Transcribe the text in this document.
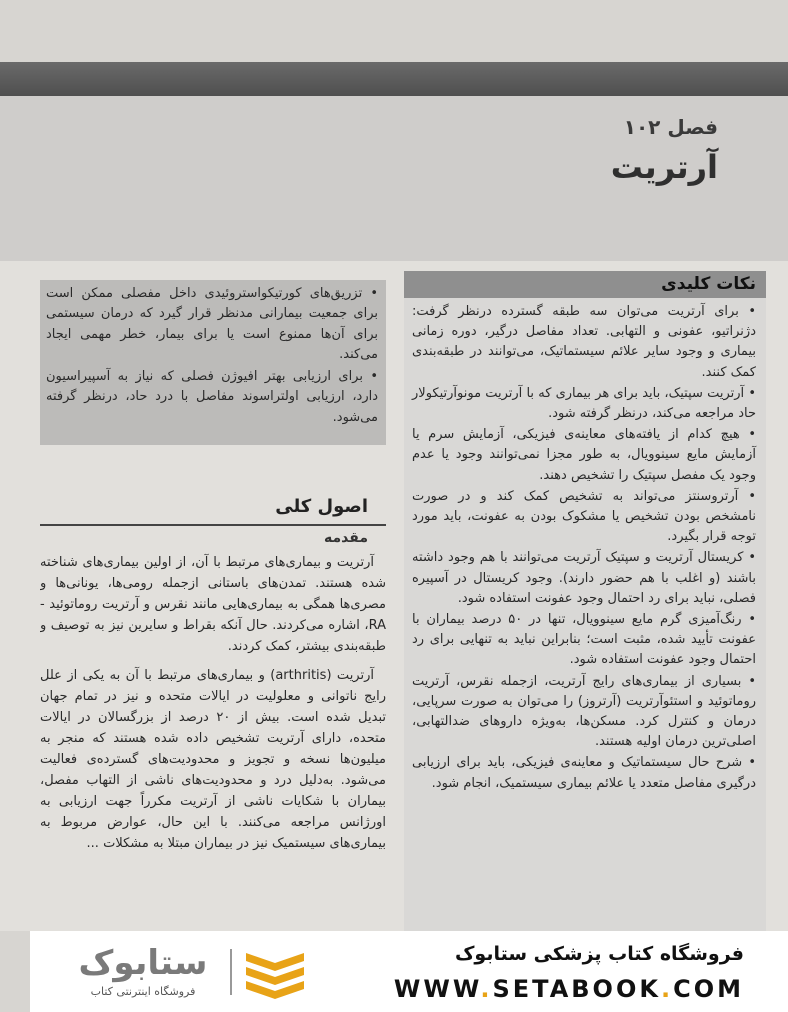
فصل ۱۰۲
آرتریت
نکات کلیدی

• برای آرتریت می‌توان سه طبقه گسترده درنظر گرفت: دژنراتیو، عفونی و التهابی. تعداد مفاصل درگیر، دوره زمانی بیماری و وجود سایر علائم سیستماتیک، می‌توانند در طبقه‌بندی کمک کنند.

• آرتریت سپتیک، باید برای هر بیماری که با آرتریت مونوآرتیکولار حاد مراجعه می‌کند، درنظر گرفته شود.

• هیچ کدام از یافته‌های معاینه‌ی فیزیکی، آزمایش سرم یا آزمایش مایع سینوویال، به طور مجزا نمی‌توانند وجود یا عدم وجود یک مفصل سپتیک را تشخیص دهند.

• آرتروسنتز می‌تواند به تشخیص کمک کند و در صورت نامشخص بودن تشخیص یا مشکوک بودن به عفونت، باید مورد توجه قرار بگیرد.

• کریستال آرتریت و سپتیک آرتریت می‌توانند با هم وجود داشته باشند (و اغلب با هم حضور دارند). وجود کریستال در آسپیره فصلی، نباید برای رد احتمال وجود عفونت استفاده شود.

• رنگ‌آمیزی گرم مایع سینوویال، تنها در ۵۰ درصد بیماران با عفونت تأیید شده، مثبت است؛ بنابراین نباید به تنهایی برای رد احتمال وجود عفونت استفاده شود.

• بسیاری از بیماری‌های رایج آرتریت، ازجمله نقرس، آرتریت روماتوئید و استئوآرتریت (آرتروز) را می‌توان به صورت سرپایی، درمان و کنترل کرد. مسکن‌ها، به‌ویژه داروهای ضدالتهابی، اصلی‌ترین درمان اولیه هستند.

• شرح حال سیستماتیک و معاینه‌ی فیزیکی، باید برای ارزیابی درگیری مفاصل متعدد یا علائم بیماری سیستمیک، انجام شود.

• تزریق‌های کورتیکواستروئیدی داخل مفصلی ممکن است برای جمعیت بیمارانی مدنظر قرار گیرد که درمان سیستمی برای آن‌ها ممنوع است یا برای بیمار، خطر مهمی ایجاد می‌کند.

• برای ارزیابی بهتر افیوژن فصلی که نیاز به آسپیراسیون دارد، ارزیابی اولتراسوند مفاصل با درد حاد، درنظر گرفته می‌شود.

اصول کلی
مقدمه

آرتریت و بیماری‌های مرتبط با آن، از اولین بیماری‌های شناخته شده هستند. تمدن‌های باستانی ازجمله رومی‌ها، یونانی‌ها و مصری‌ها همگی به بیماری‌هایی مانند نقرس و آرتریت روماتوئید - RA، اشاره می‌کردند. حال آنکه بقراط و سایرین نیز به توصیف و طبقه‌بندی بیشتر، کمک کردند.

آرتریت (arthritis) و بیماری‌های مرتبط با آن به یکی از علل رایج ناتوانی و معلولیت در ایالات متحده و نیز در تمام جهان تبدیل شده است. بیش از ۲۰ درصد از بزرگسالان در ایالات متحده، دارای آرتریت تشخیص داده شده هستند که منجر به میلیون‌ها نسخه و تجویز و محدودیت‌های گسترده‌ی فعالیت می‌شود. به‌دلیل درد و محدودیت‌های ناشی از التهاب مفصل، بیماران با شکایات ناشی از آرتریت مکرراً جهت ارزیابی به اورژانس مراجعه می‌کنند. با این حال، عوارض مربوط به بیماری‌های سیستمیک نیز در بیماران مبتلا به مشکلات ...

ستابوک
فروشگاه اینترنتی کتاب
فروشگاه کتاب پزشکی ستابوک
WWW.SETABOOK.COM
